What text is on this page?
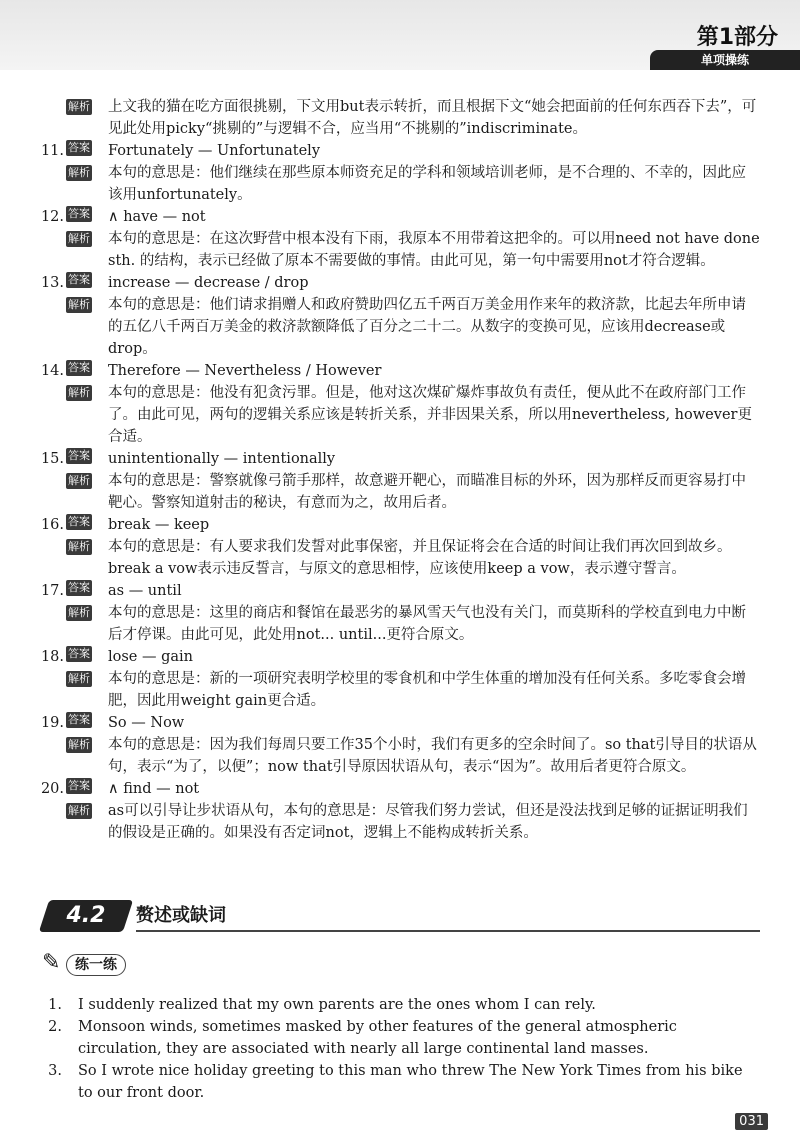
第1部分
单项操练
解析 上文我的猫在吃方面很挑剔，下文用but表示转折，而且根据下文“她会把面前的任何东西吞下去”，可见此处用picky“挑剔的”与逻辑不合，应当用“不挑剔的”indiscriminate。
11. 答案 Fortunately — Unfortunately
解析 本句的意思是：他们继续在那些原本师资充足的学科和领域培训老师，是不合理的、不幸的，因此应该用unfortunately。
12. 答案 ∧ have — not
解析 本句的意思是：在这次野营中根本没有下雨，我原本不用带着这把伞的。可以用need not have done sth. 的结构，表示已经做了原本不需要做的事情。由此可见，第一句中需要用not才符合逻辑。
13. 答案 increase — decrease / drop
解析 本句的意思是：他们请求捐赠人和政府赞助四亿五千两百万美金用作来年的救济款，比起去年所申请的五亿八千两百万美金的救济款额降低了百分之二十二。从数字的变换可见，应该用decrease或drop。
14. 答案 Therefore — Nevertheless / However
解析 本句的意思是：他没有犯贪污罪。但是，他对这次煤矿爆炸事故负有责任，便从此不在政府部门工作了。由此可见，两句的逻辑关系应该是转折关系，并非因果关系，所以用nevertheless, however更合适。
15. 答案 unintentionally — intentionally
解析 本句的意思是：警察就像弓箭手那样，故意避开靶心，而瞄准目标的外环，因为那样反而更容易打中靶心。警察知道射击的秘诀，有意而为之，故用后者。
16. 答案 break — keep
解析 本句的意思是：有人要求我们发誓对此事保密，并且保证将会在合适的时间让我们再次回到故乡。break a vow表示违反誓言，与原文的意思相悖，应该使用keep a vow，表示遵守誓言。
17. 答案 as — until
解析 本句的意思是：这里的商店和餐馆在最恶劣的暴风雪天气也没有关门，而莫斯科的学校直到电力中断后才停课。由此可见，此处用not... until...更符合原文。
18. 答案 lose — gain
解析 本句的意思是：新的一项研究表明学校里的零食机和中学生体重的增加没有任何关系。多吃零食会增肥，因此用weight gain更合适。
19. 答案 So — Now
解析 本句的意思是：因为我们每周只要工作35个小时，我们有更多的空余时间了。so that引导目的状语从句，表示“为了，以便”；now that引导原因状语从句，表示“因为”。故用后者更符合原文。
20. 答案 ∧ find — not
解析 as可以引导让步状语从句，本句的意思是：尽管我们努力尝试，但还是没法找到足够的证据证明我们的假设是正确的。如果没有否定词not，逻辑上不能构成转折关系。
4.2	赘述或缺词
✎	练一练
1. I suddenly realized that my own parents are the ones whom I can rely.
2. Monsoon winds, sometimes masked by other features of the general atmospheric circulation, they are associated with nearly all large continental land masses.
3. So I wrote nice holiday greeting to this man who threw The New York Times from his bike to our front door.
031
